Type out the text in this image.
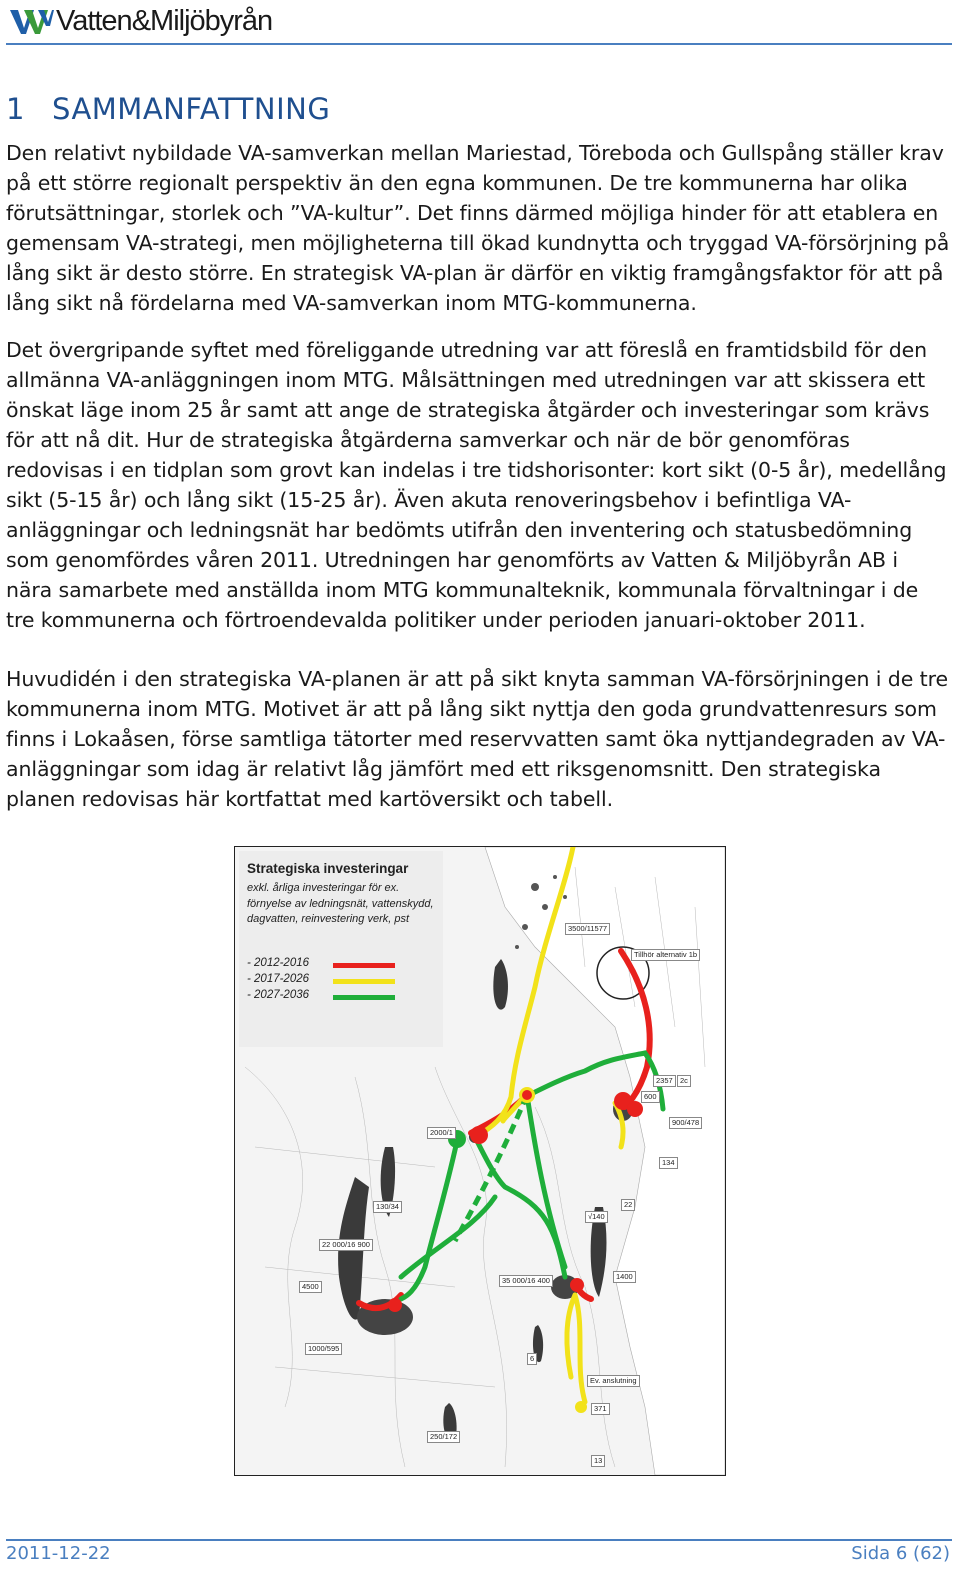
Vatten&Miljöbyrån
1 SAMMANFATTNING
Den relativt nybildade VA-samverkan mellan Mariestad, Töreboda och Gullspång ställer krav på ett större regionalt perspektiv än den egna kommunen. De tre kommunerna har olika förutsättningar, storlek och ”VA-kultur”. Det finns därmed möjliga hinder för att etablera en gemensam VA-strategi, men möjligheterna till ökad kundnytta och tryggad VA-försörjning på lång sikt är desto större. En strategisk VA-plan är därför en viktig framgångsfaktor för att på lång sikt nå fördelarna med VA-samverkan inom MTG-kommunerna.
Det övergripande syftet med föreliggande utredning var att föreslå en framtidsbild för den allmänna VA-anläggningen inom MTG. Målsättningen med utredningen var att skissera ett önskat läge inom 25 år samt att ange de strategiska åtgärder och investeringar som krävs för att nå dit. Hur de strategiska åtgärderna samverkar och när de bör genomföras redovisas i en tidplan som grovt kan indelas i tre tidshorisonter: kort sikt (0-5 år), medellång sikt (5-15 år) och lång sikt (15-25 år). Även akuta renoveringsbehov i befintliga VA-anläggningar och ledningsnät har bedömts utifrån den inventering och statusbedömning som genomfördes våren 2011. Utredningen har genomförts av Vatten & Miljöbyrån AB i nära samarbete med anställda inom MTG kommunalteknik, kommunala förvaltningar i de tre kommunerna och förtroendevalda politiker under perioden januari-oktober 2011.
Huvudidén i den strategiska VA-planen är att på sikt knyta samman VA-försörjningen i de tre kommunerna inom MTG. Motivet är att på lång sikt nyttja den goda grundvattenresurs som finns i Lokaåsen, förse samtliga tätorter med reservvatten samt öka nyttjandegraden av VA-anläggningar som idag är relativt låg jämfört med ett riksgenomsnitt. Den strategiska planen redovisas här kortfattat med kartöversikt och tabell.
Strategiska investeringar
exkl. årliga investeringar för ex. förnyelse av ledningsnät, vattenskydd, dagvatten, reinvestering verk, pst
- 2012-2016
- 2017-2026
- 2027-2036
3500/11577
Tillhör alternativ 1b
2357 2c
600
900/478
134
2000/1
√140
22
22 000/16 900
4500
130/34
35 000/16 400	1400
1000/595
6
Ev. anslutning
371
250/172
13
2011-12-22	Sida 6 (62)
